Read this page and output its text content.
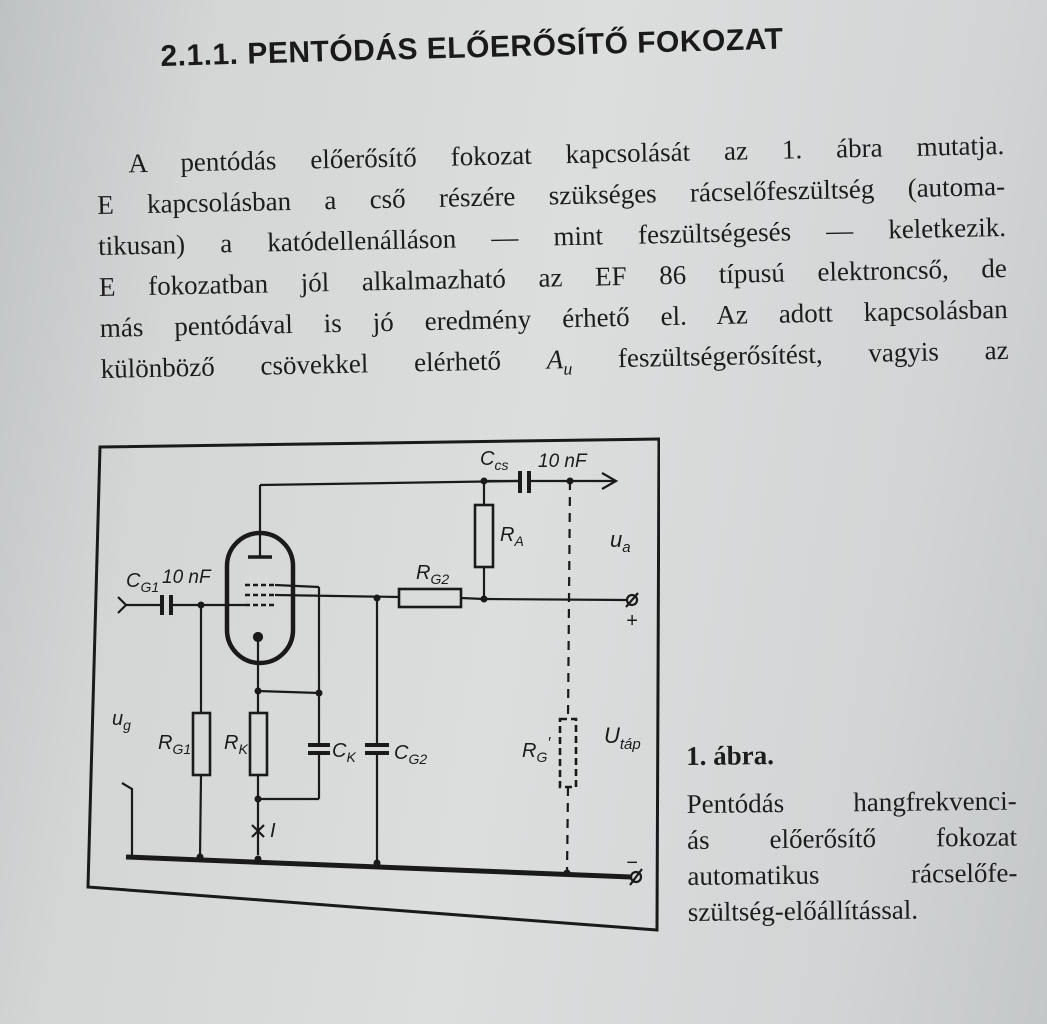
2.1.1. PENTÓDÁS ELŐERŐSÍTŐ FOKOZAT
A pentódás előerősítő fokozat kapcsolását az 1. ábra mutatja.
E kapcsolásban a cső részére szükséges rácselőfeszültség (automa-
tikusan) a katódellenálláson — mint feszültségesés — keletkezik.
E fokozatban jól alkalmazható az EF 86 típusú elektroncső, de
más pentódával is jó eredmény érhető el. Az adott kapcsolásban
különböző csövekkel elérhető $A_u$ feszültségerősítést, vagyis az
$C_{cs}$ 10 nF
$R_A$	$u_a$
$R_{G2}$
+
$C_{G1}$ 10 nF
$u_g$
$R_{G1}$ $R_K$	$C_K$ $C_{G2}$	$R_G'$ $U_{táp}$
I
−
1. ábra.
Pentódás hangfrekvenci-
ás előerősítő fokozat
automatikus rácselőfe-
szültség-előállítással.
